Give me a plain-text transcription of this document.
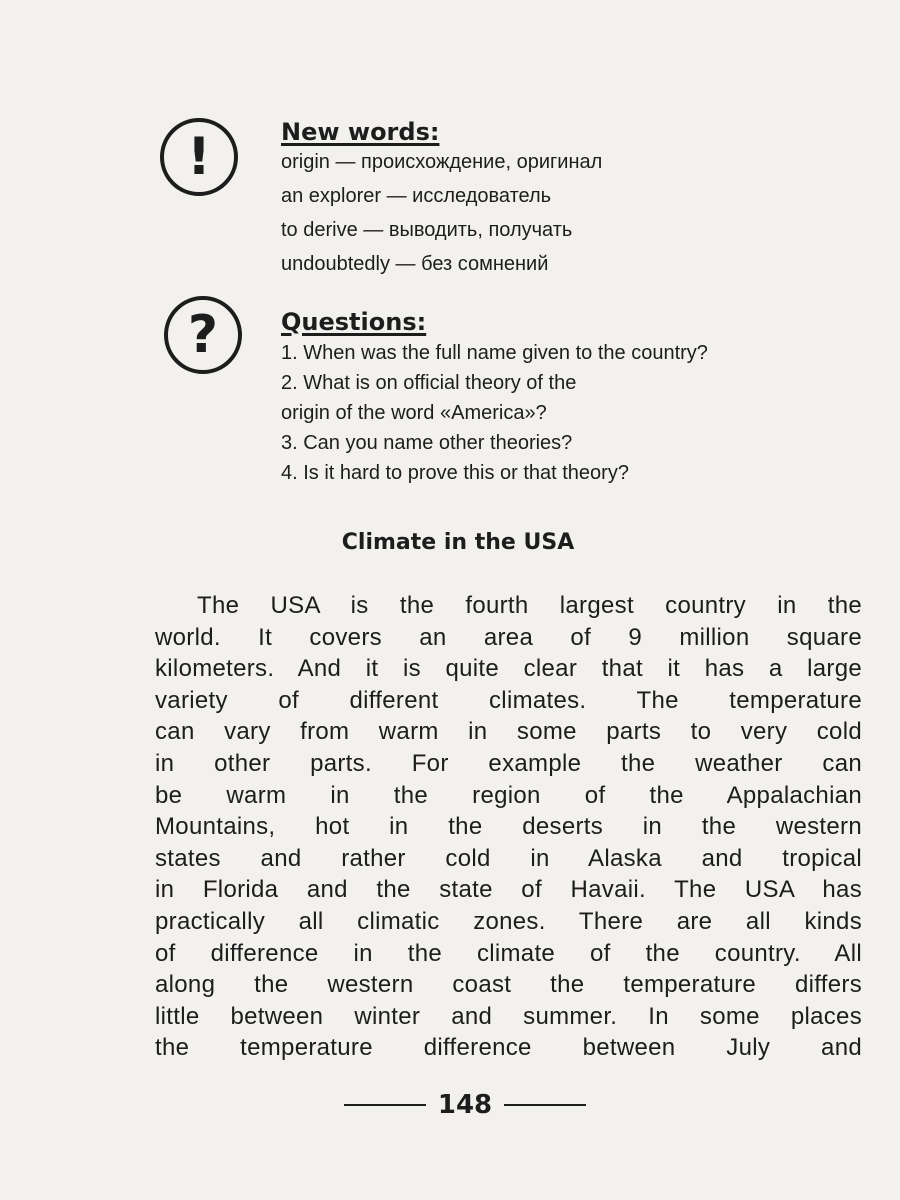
!	New words:
origin — происхождение, оригинал
an explorer — исследователь
to derive — выводить, получать
undoubtedly — без сомнений
?	Questions:
1. When was the full name given to the country?
2. What is on official theory of the
origin of the word «America»?
3. Can you name other theories?
4. Is it hard to prove this or that theory?
Climate in the USA
The USA is the fourth largest country in the
world. It covers an area of 9 million square
kilometers. And it is quite clear that it has a large
variety of different climates. The temperature
can vary from warm in some parts to very cold
in other parts. For example the weather can
be warm in the region of the Appalachian
Mountains, hot in the deserts in the western
states and rather cold in Alaska and tropical
in Florida and the state of Havaii. The USA has
practically all climatic zones. There are all kinds
of difference in the climate of the country. All
along the western coast the temperature differs
little between winter and summer. In some places
the temperature difference between July and
148
